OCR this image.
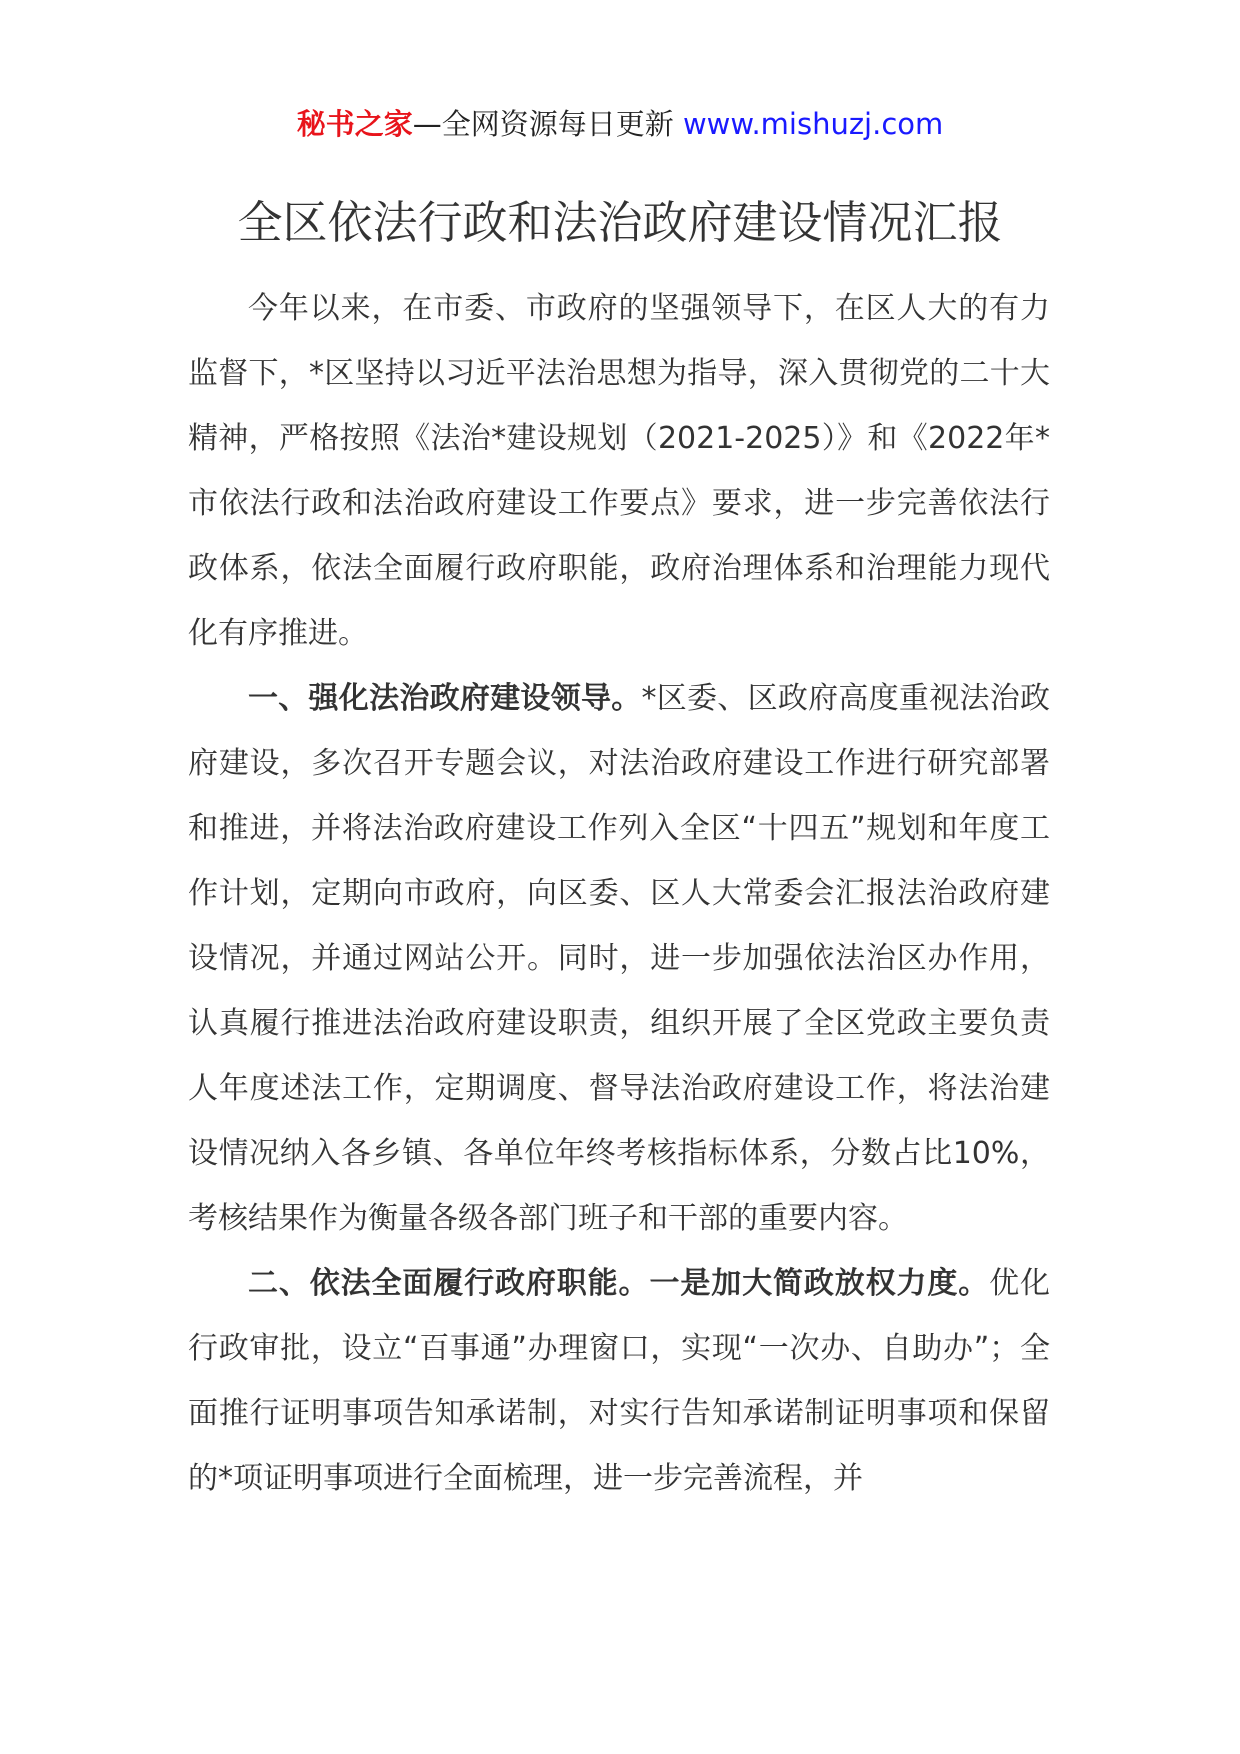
秘书之家—全网资源每日更新 www.mishuzj.com
全区依法行政和法治政府建设情况汇报

今年以来，在市委、市政府的坚强领导下，在区人大的有力监督下，*区坚持以习近平法治思想为指导，深入贯彻党的二十大精神，严格按照《法治*建设规划（2021-2025）》和《2022年*市依法行政和法治政府建设工作要点》要求，进一步完善依法行政体系，依法全面履行政府职能，政府治理体系和治理能力现代化有序推进。

一、强化法治政府建设领导。*区委、区政府高度重视法治政府建设，多次召开专题会议，对法治政府建设工作进行研究部署和推进，并将法治政府建设工作列入全区“十四五”规划和年度工作计划，定期向市政府，向区委、区人大常委会汇报法治政府建设情况，并通过网站公开。同时，进一步加强依法治区办作用，认真履行推进法治政府建设职责，组织开展了全区党政主要负责人年度述法工作，定期调度、督导法治政府建设工作，将法治建设情况纳入各乡镇、各单位年终考核指标体系，分数占比10%，考核结果作为衡量各级各部门班子和干部的重要内容。

二、依法全面履行政府职能。一是加大简政放权力度。优化行政审批，设立“百事通”办理窗口，实现“一次办、自助办”；全面推行证明事项告知承诺制，对实行告知承诺制证明事项和保留的*项证明事项进行全面梳理，进一步完善流程，并
